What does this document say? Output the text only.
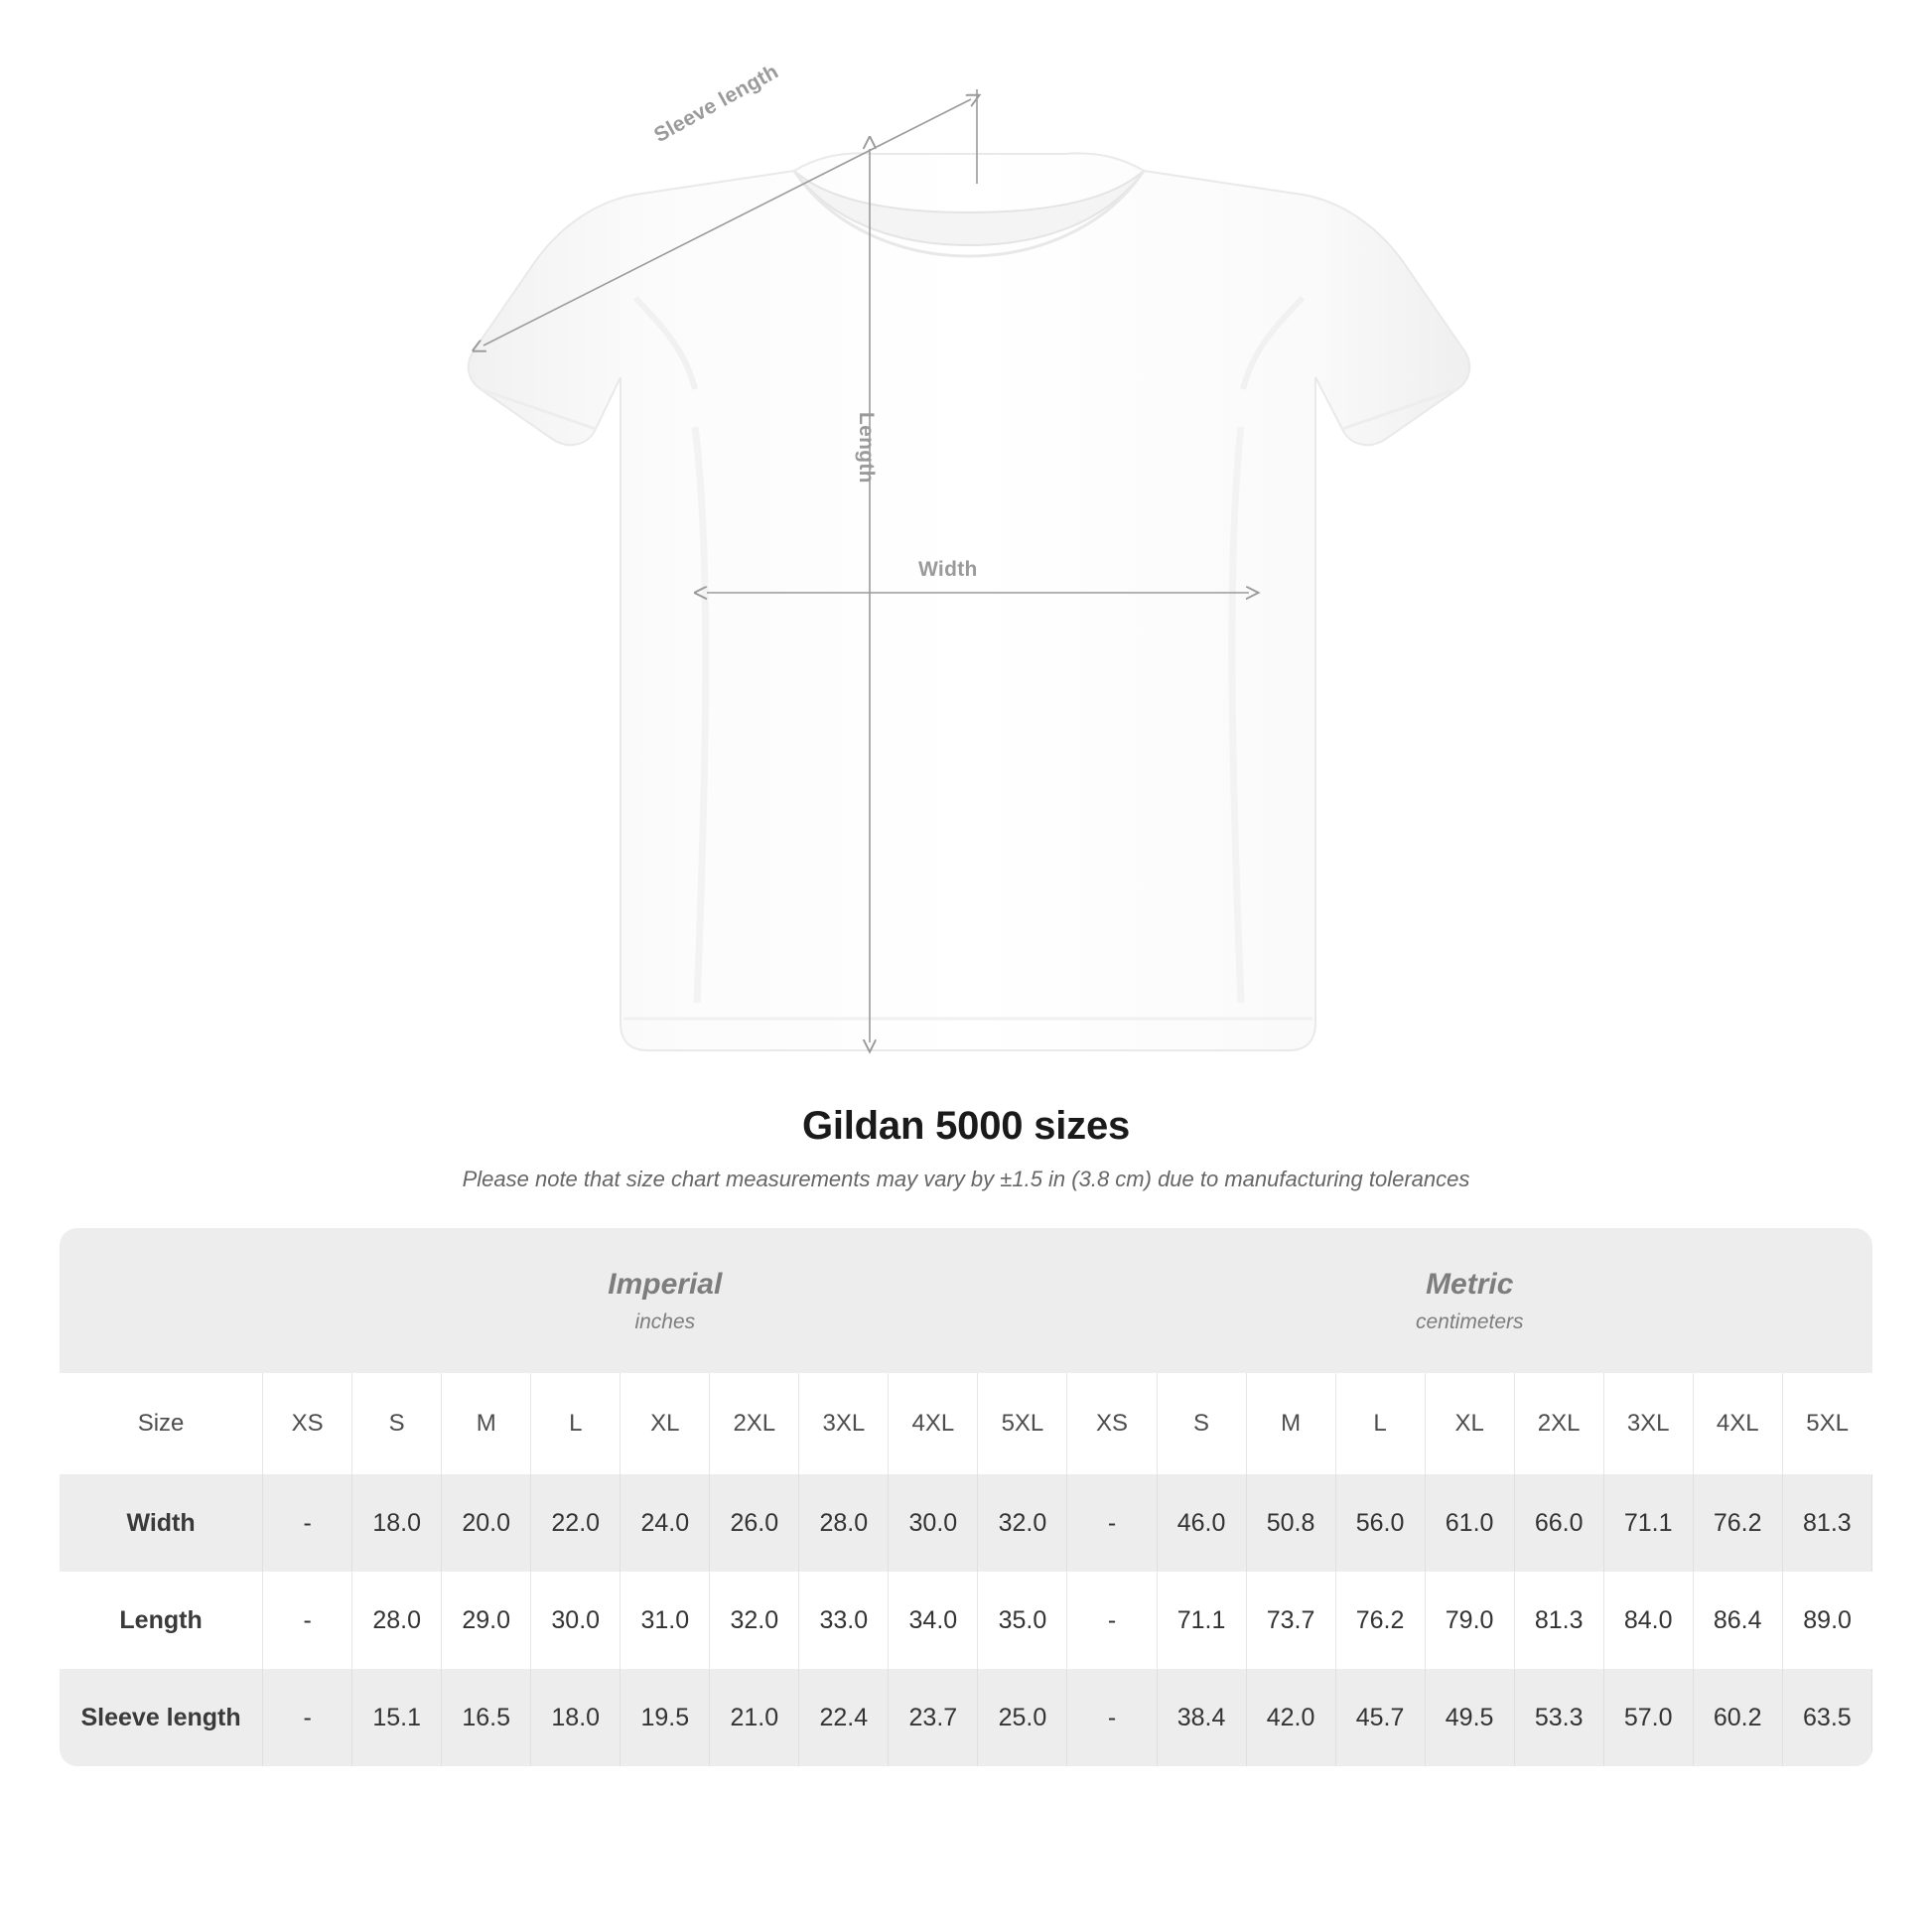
Sleeve length
Length
Width
Gildan 5000 sizes

Please note that size chart measurements may vary by ±1.5 in (3.8 cm) due to manufacturing tolerances

Imperial
inches

Metric
centimeters

Size	XS	S	M	L	XL	2XL	3XL	4XL	5XL	XS	S	M	L	XL	2XL	3XL	4XL	5XL
Width	-	18.0	20.0	22.0	24.0	26.0	28.0	30.0	32.0	-	46.0	50.8	56.0	61.0	66.0	71.1	76.2	81.3
Length	-	28.0	29.0	30.0	31.0	32.0	33.0	34.0	35.0	-	71.1	73.7	76.2	79.0	81.3	84.0	86.4	89.0
Sleeve length	-	15.1	16.5	18.0	19.5	21.0	22.4	23.7	25.0	-	38.4	42.0	45.7	49.5	53.3	57.0	60.2	63.5
